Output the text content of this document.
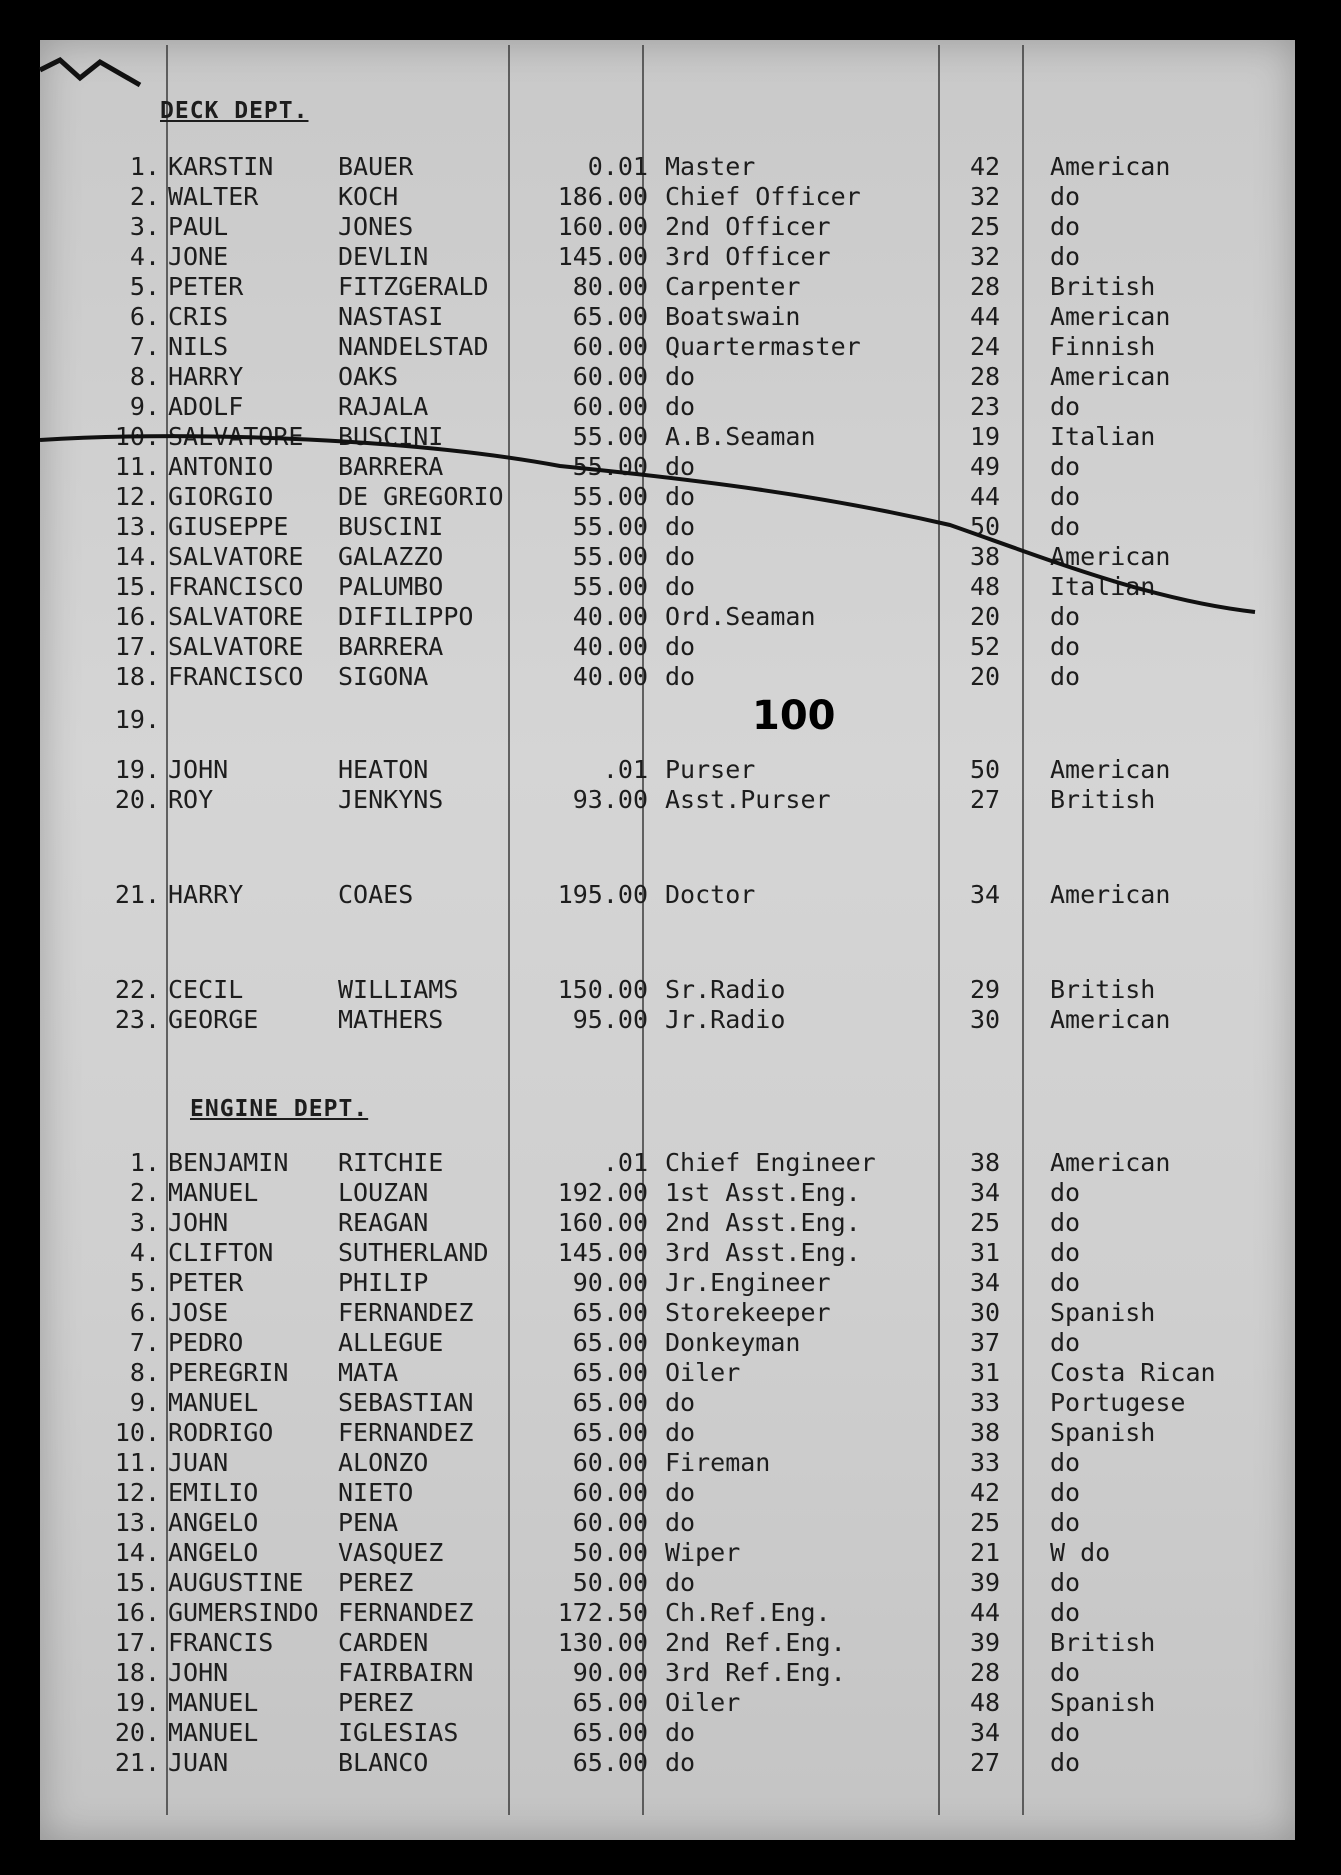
DECK DEPT.
ENGINE DEPT.
100
1. KARSTIN	BAUER	0.01 Master	42	American
2. WALTER	KOCH	186.00 Chief Officer	32	do
3. PAUL	JONES	160.00 2nd Officer	25	do
4. JONE	DEVLIN	145.00 3rd Officer	32	do
5. PETER	FITZGERALD	80.00 Carpenter	28	British
6. CRIS	NASTASI	65.00 Boatswain	44	American
7. NILS	NANDELSTAD	60.00 Quartermaster	24	Finnish
8. HARRY	OAKS	60.00 do	28	American
9. ADOLF	RAJALA	60.00 do	23	do
10. SALVATORE BUSCINI	55.00 A.B.Seaman	19	Italian
11. ANTONIO	BARRERA	55.00 do	49	do
12. GIORGIO	DE GREGORIO	55.00 do	44	do
13. GIUSEPPE BUSCINI	55.00 do	50	do
14. SALVATORE GALAZZO	55.00 do	38	American
15. FRANCISCO PALUMBO	55.00 do	48	Italian
16. SALVATORE DIFILIPPO	40.00 Ord.Seaman	20	do
17. SALVATORE BARRERA	40.00 do	52	do
18. FRANCISCO SIGONA	40.00 do	20	do
19.
19. JOHN	HEATON	.01 Purser	50	American
20. ROY	JENKYNS	93.00 Asst.Purser	27	British
21. HARRY	COAES	195.00 Doctor	34	American
22. CECIL	WILLIAMS	150.00 Sr.Radio	29	British
23. GEORGE	MATHERS	95.00 Jr.Radio	30	American
1. BENJAMIN RITCHIE	.01 Chief Engineer	38	American
2. MANUEL	LOUZAN	192.00 1st Asst.Eng.	34	do
3. JOHN	REAGAN	160.00 2nd Asst.Eng.	25	do
4. CLIFTON	SUTHERLAND	145.00 3rd Asst.Eng.	31	do
5. PETER	PHILIP	90.00 Jr.Engineer	34	do
6. JOSE	FERNANDEZ	65.00 Storekeeper	30	Spanish
7. PEDRO	ALLEGUE	65.00 Donkeyman	37	do
8. PEREGRIN MATA	65.00 Oiler	31	Costa Rican
9. MANUEL	SEBASTIAN	65.00 do	33	Portugese
10. RODRIGO	FERNANDEZ	65.00 do	38	Spanish
11. JUAN	ALONZO	60.00 Fireman	33	do
12. EMILIO	NIETO	60.00 do	42	do
13. ANGELO	PENA	60.00 do	25	do
14. ANGELO	VASQUEZ	50.00 Wiper	21	W do
15. AUGUSTINE PEREZ	50.00 do	39	do
16. GUMERSINDO FERNANDEZ	172.50 Ch.Ref.Eng.	44	do
17. FRANCIS	CARDEN	130.00 2nd Ref.Eng.	39	British
18. JOHN	FAIRBAIRN	90.00 3rd Ref.Eng.	28	do
19. MANUEL	PEREZ	65.00 Oiler	48	Spanish
20. MANUEL	IGLESIAS	65.00 do	34	do
21. JUAN	BLANCO	65.00 do	27	do
